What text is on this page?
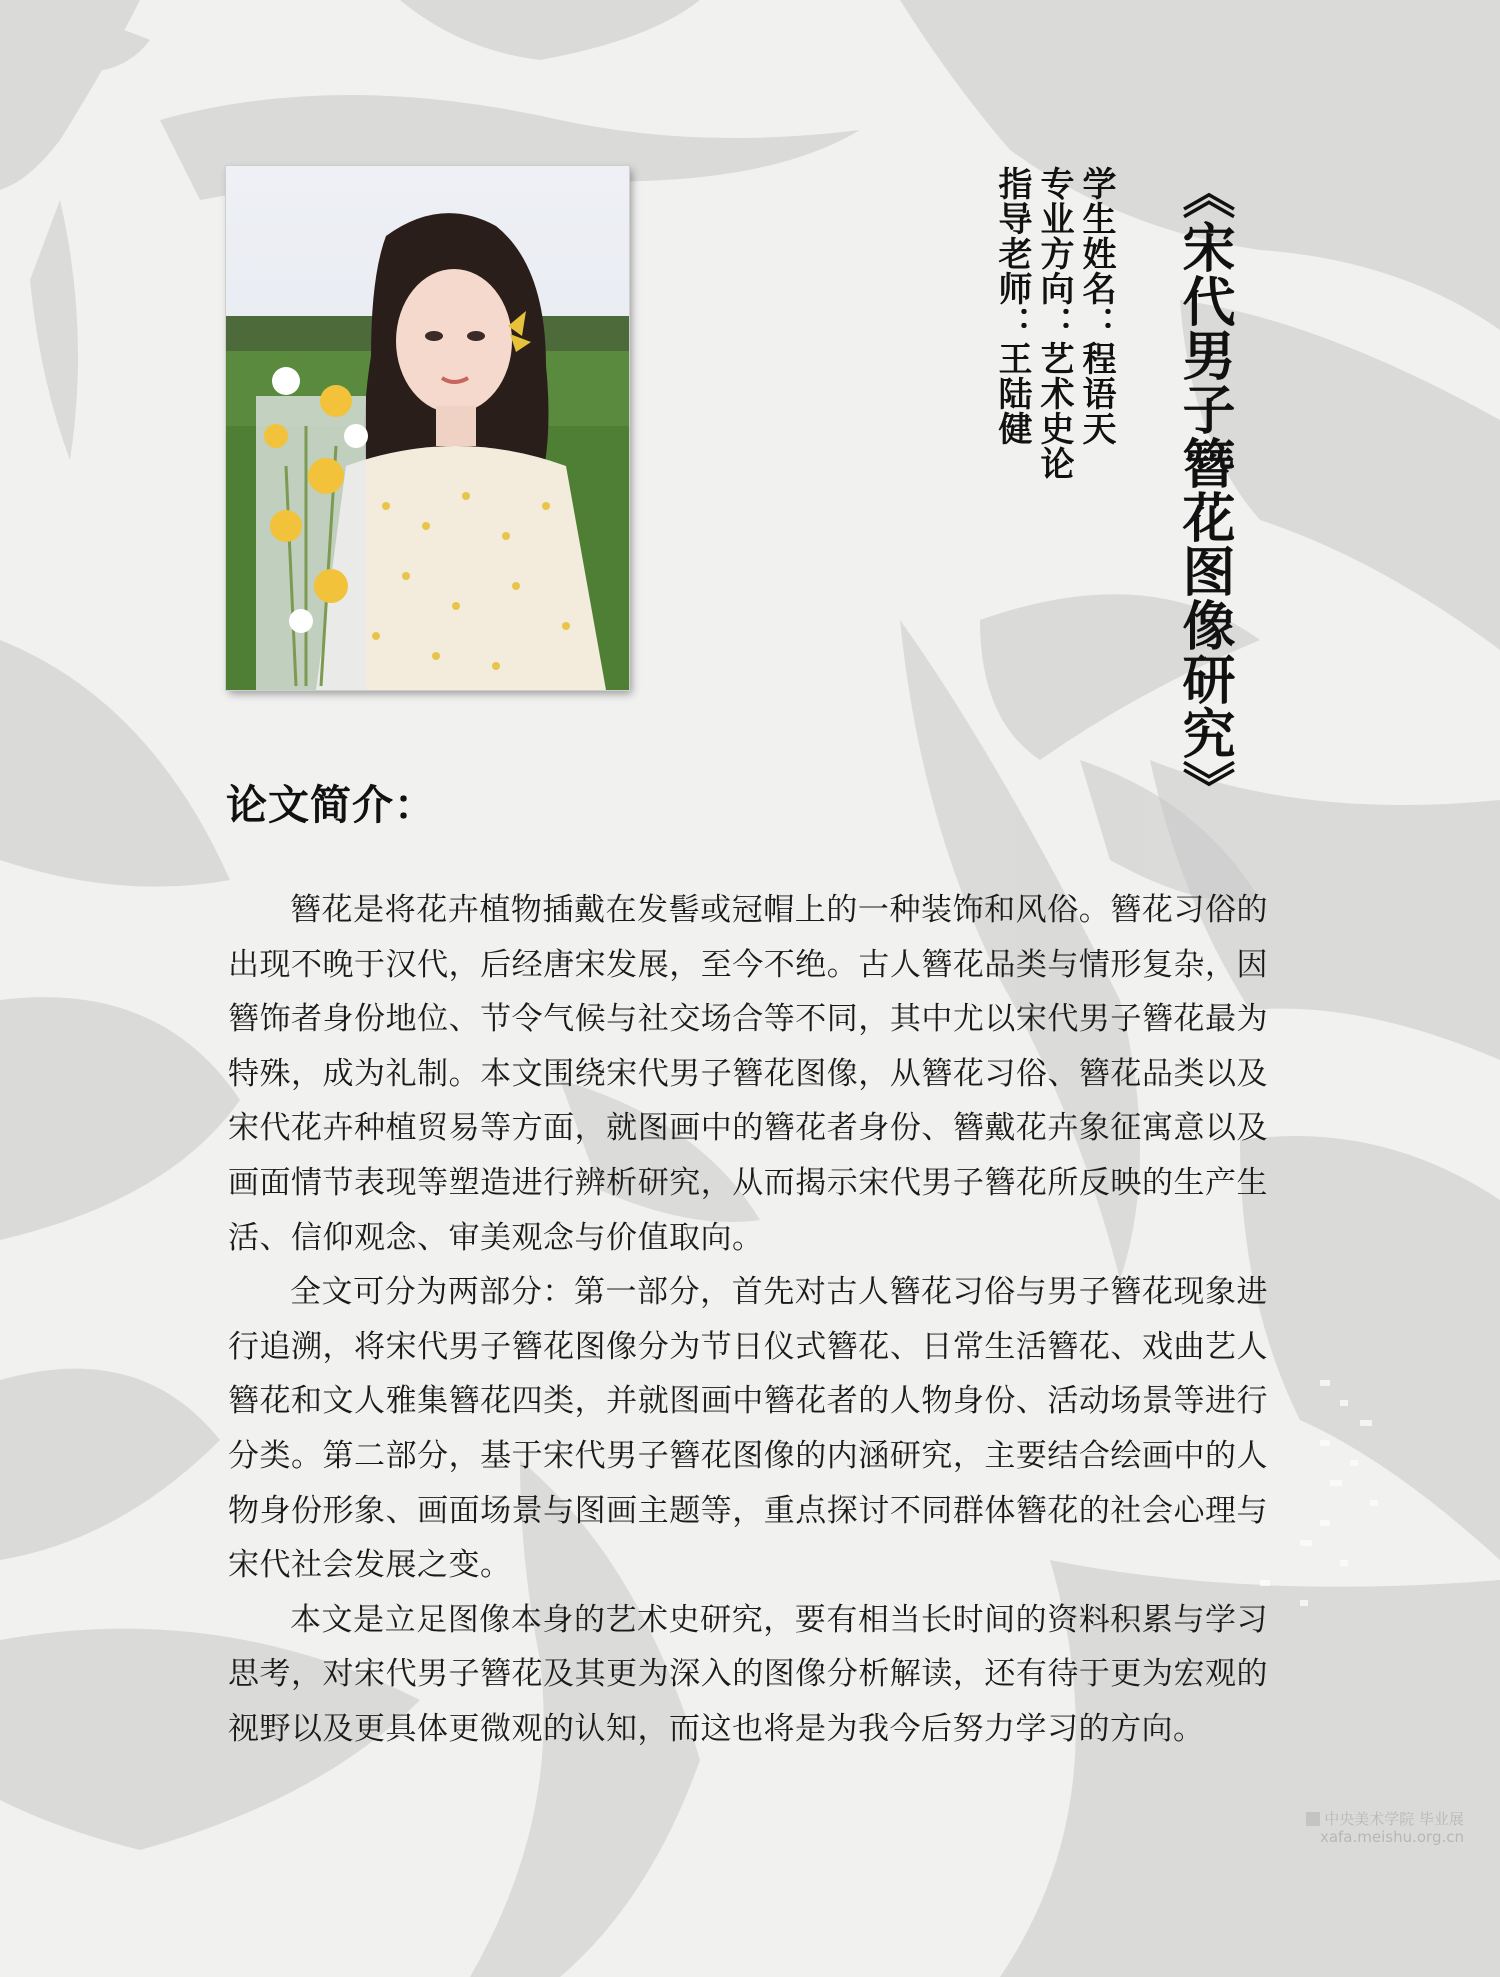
《宋代男子簪花图像研究》
学生姓名：程语天
专业方向：艺术史论
指导老师：王陆健
论文简介：

簪花是将花卉植物插戴在发髻或冠帽上的一种装饰和风俗。簪花习俗的出现不晚于汉代，后经唐宋发展，至今不绝。古人簪花品类与情形复杂，因簪饰者身份地位、节令气候与社交场合等不同，其中尤以宋代男子簪花最为特殊，成为礼制。本文围绕宋代男子簪花图像，从簪花习俗、簪花品类以及宋代花卉种植贸易等方面，就图画中的簪花者身份、簪戴花卉象征寓意以及画面情节表现等塑造进行辨析研究，从而揭示宋代男子簪花所反映的生产生活、信仰观念、审美观念与价值取向。

全文可分为两部分：第一部分，首先对古人簪花习俗与男子簪花现象进行追溯，将宋代男子簪花图像分为节日仪式簪花、日常生活簪花、戏曲艺人簪花和文人雅集簪花四类，并就图画中簪花者的人物身份、活动场景等进行分类。第二部分，基于宋代男子簪花图像的内涵研究，主要结合绘画中的人物身份形象、画面场景与图画主题等，重点探讨不同群体簪花的社会心理与宋代社会发展之变。

本文是立足图像本身的艺术史研究，要有相当长时间的资料积累与学习思考，对宋代男子簪花及其更为深入的图像分析解读，还有待于更为宏观的视野以及更具体更微观的认知，而这也将是为我今后努力学习的方向。

中央美术学院 毕业展
xafa.meishu.org.cn
